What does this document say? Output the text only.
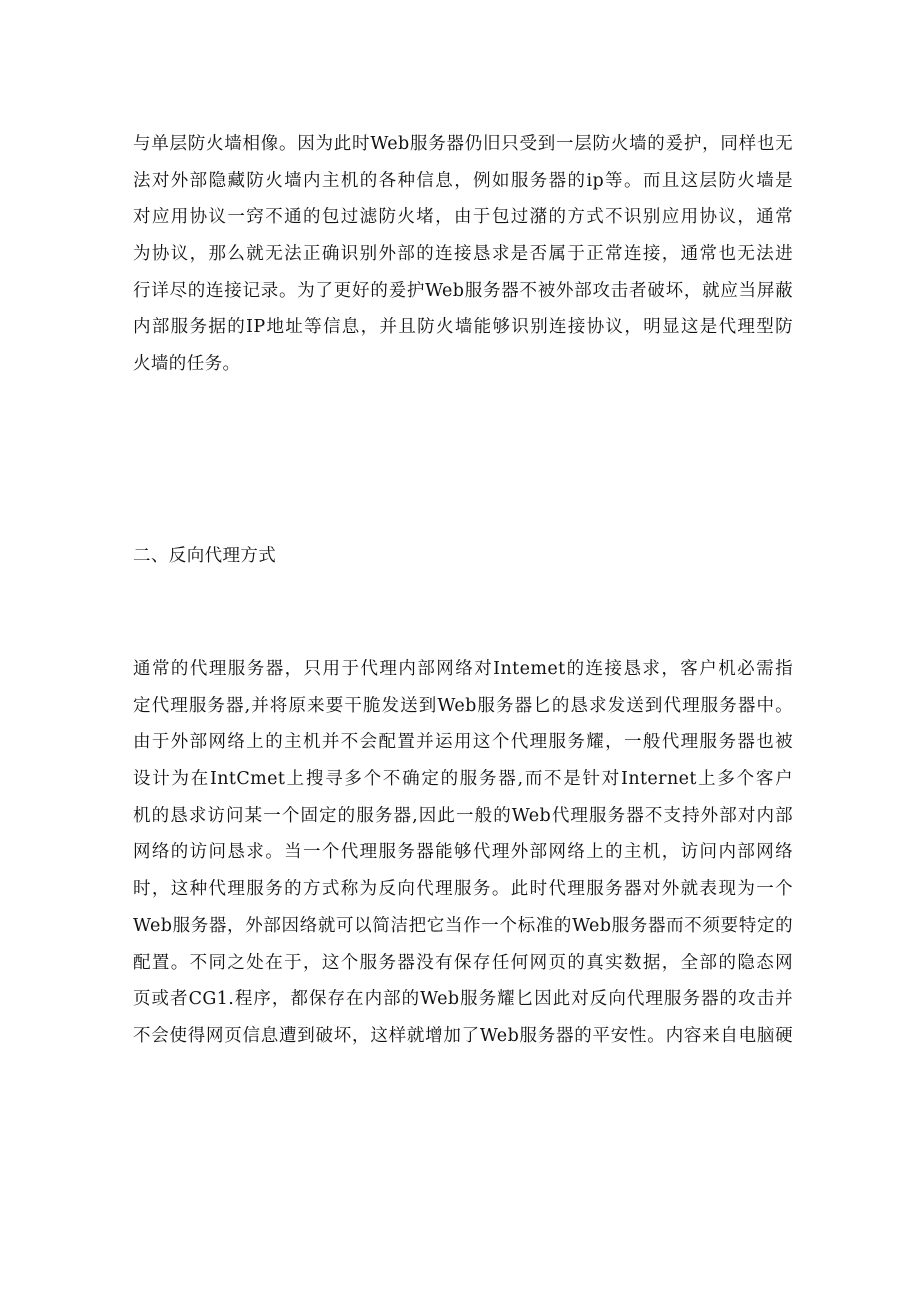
与单层防火墙相像。因为此时Web服务器仍旧只受到一层防火墙的爰护，同样也无
法对外部隐藏防火墙内主机的各种信息，例如服务器的ip等。而且这层防火墙是
对应用协议一窍不通的包过滤防火堵，由于包过潴的方式不识别应用协议，通常
为协议，那么就无法正确识别外部的连接恳求是否属于正常连接，通常也无法进
行详尽的连接记录。为了更好的爰护Web服务器不被外部攻击者破坏，就应当屏蔽
内部服务据的IP地址等信息，并且防火墙能够识别连接协议，明显这是代理型防
火墙的任务。
二、反向代理方式
通常的代理服务器，只用于代理内部网络对Intemet的连接恳求，客户机必需指
定代理服务器,并将原来要干脆发送到Web服务器匕的恳求发送到代理服务器中。
由于外部网络上的主机并不会配置并运用这个代理服务耀，一般代理服务器也被
设计为在IntCmet上搜寻多个不确定的服务器,而不是针对Internet上多个客户
机的恳求访问某一个固定的服务器,因此一般的Web代理服务器不支持外部对内部
网络的访问恳求。当一个代理服务器能够代理外部网络上的主机，访问内部网络
时，这种代理服务的方式称为反向代理服务。此时代理服务器对外就表现为一个
Web服务器，外部因络就可以简洁把它当作一个标准的Web服务器而不须要特定的
配置。不同之处在于，这个服务器没有保存任何网页的真实数据，全部的隐态网
页或者CG1.程序，都保存在内部的Web服务耀匕因此对反向代理服务器的攻击并
不会使得网页信息遭到破坏，这样就增加了Web服务器的平安性。内容来自电脑硬
